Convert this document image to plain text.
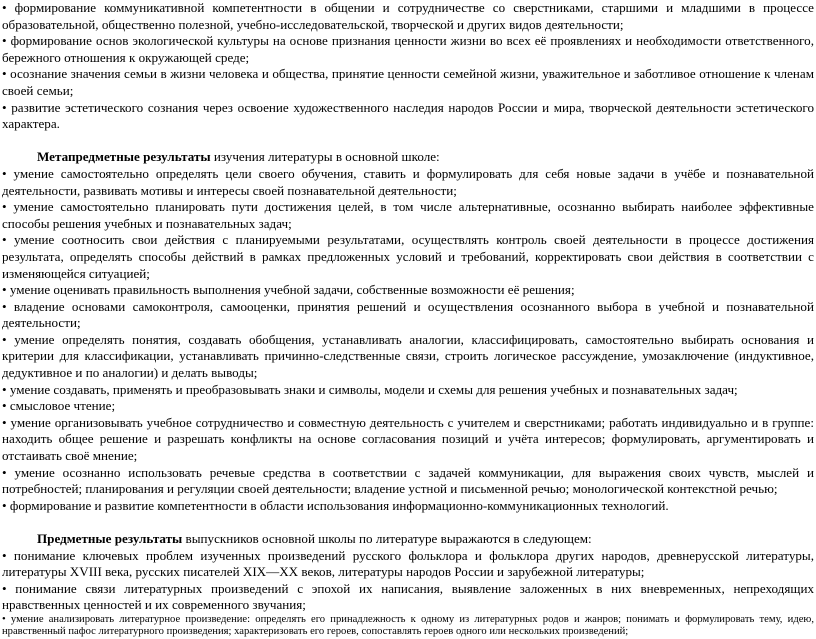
• формирование коммуникативной компетентности в общении и сотрудничестве со сверстниками, старшими и младшими в процессе образовательной, общественно полезной, учебно-исследовательской, творческой и других видов деятельности;

• формирование основ экологической культуры на основе признания ценности жизни во всех её проявлениях и необходимости ответственного, бережного отношения к окружающей среде;

• осознание значения семьи в жизни человека и общества, принятие ценности семейной жизни, уважительное и заботливое отношение к членам своей семьи;

• развитие эстетического сознания через освоение художественного наследия народов России и мира, творческой деятельности эстетического характера.

Метапредметные результаты изучения литературы в основной школе:

• умение самостоятельно определять цели своего обучения, ставить и формулировать для себя новые задачи в учёбе и познавательной деятельности, развивать мотивы и интересы своей познавательной деятельности;

• умение самостоятельно планировать пути достижения целей, в том числе альтернативные, осознанно выбирать наиболее эффективные способы решения учебных и познавательных задач;

• умение соотносить свои действия с планируемыми результатами, осуществлять контроль своей деятельности в процессе достижения результата, определять способы действий в рамках предложенных условий и требований, корректировать свои действия в соответствии с изменяющейся ситуацией;

• умение оценивать правильность выполнения учебной задачи, собственные возможности её решения;

• владение основами самоконтроля, самооценки, принятия решений и осуществления осознанного выбора в учебной и познавательной деятельности;

• умение определять понятия, создавать обобщения, устанавливать аналогии, классифицировать, самостоятельно выбирать основания и критерии для классификации, устанавливать причинно-следственные связи, строить логическое рассуждение, умозаключение (индуктивное, дедуктивное и по аналогии) и делать выводы;

• умение создавать, применять и преобразовывать знаки и символы, модели и схемы для решения учебных и познавательных задач;

• смысловое чтение;

• умение организовывать учебное сотрудничество и совместную деятельность с учителем и сверстниками; работать индивидуально и в группе: находить общее решение и разрешать конфликты на основе согласования позиций и учёта интересов; формулировать, аргументировать и отстаивать своё мнение;

• умение осознанно использовать речевые средства в соответствии с задачей коммуникации, для выражения своих чувств, мыслей и потребностей; планирования и регуляции своей деятельности; владение устной и письменной речью; монологической контекстной речью;

• формирование и развитие компетентности в области использования информационно-коммуникационных технологий.

Предметные результаты выпускников основной школы по литературе выражаются в следующем:

• понимание ключевых проблем изученных произведений русского фольклора и фольклора других народов, древнерусской литературы, литературы XVIII века, русских писателей XIX—XX веков, литературы народов России и зарубежной литературы;

• понимание связи литературных произведений с эпохой их написания, выявление заложенных в них вневременных, непреходящих нравственных ценностей и их современного звучания;

• умение анализировать литературное произведение: определять его принадлежность к одному из литературных родов и жанров; понимать и формулировать тему, идею, нравственный пафос литературного произведения; характеризовать его героев, сопоставлять героев одного или нескольких произведений;
